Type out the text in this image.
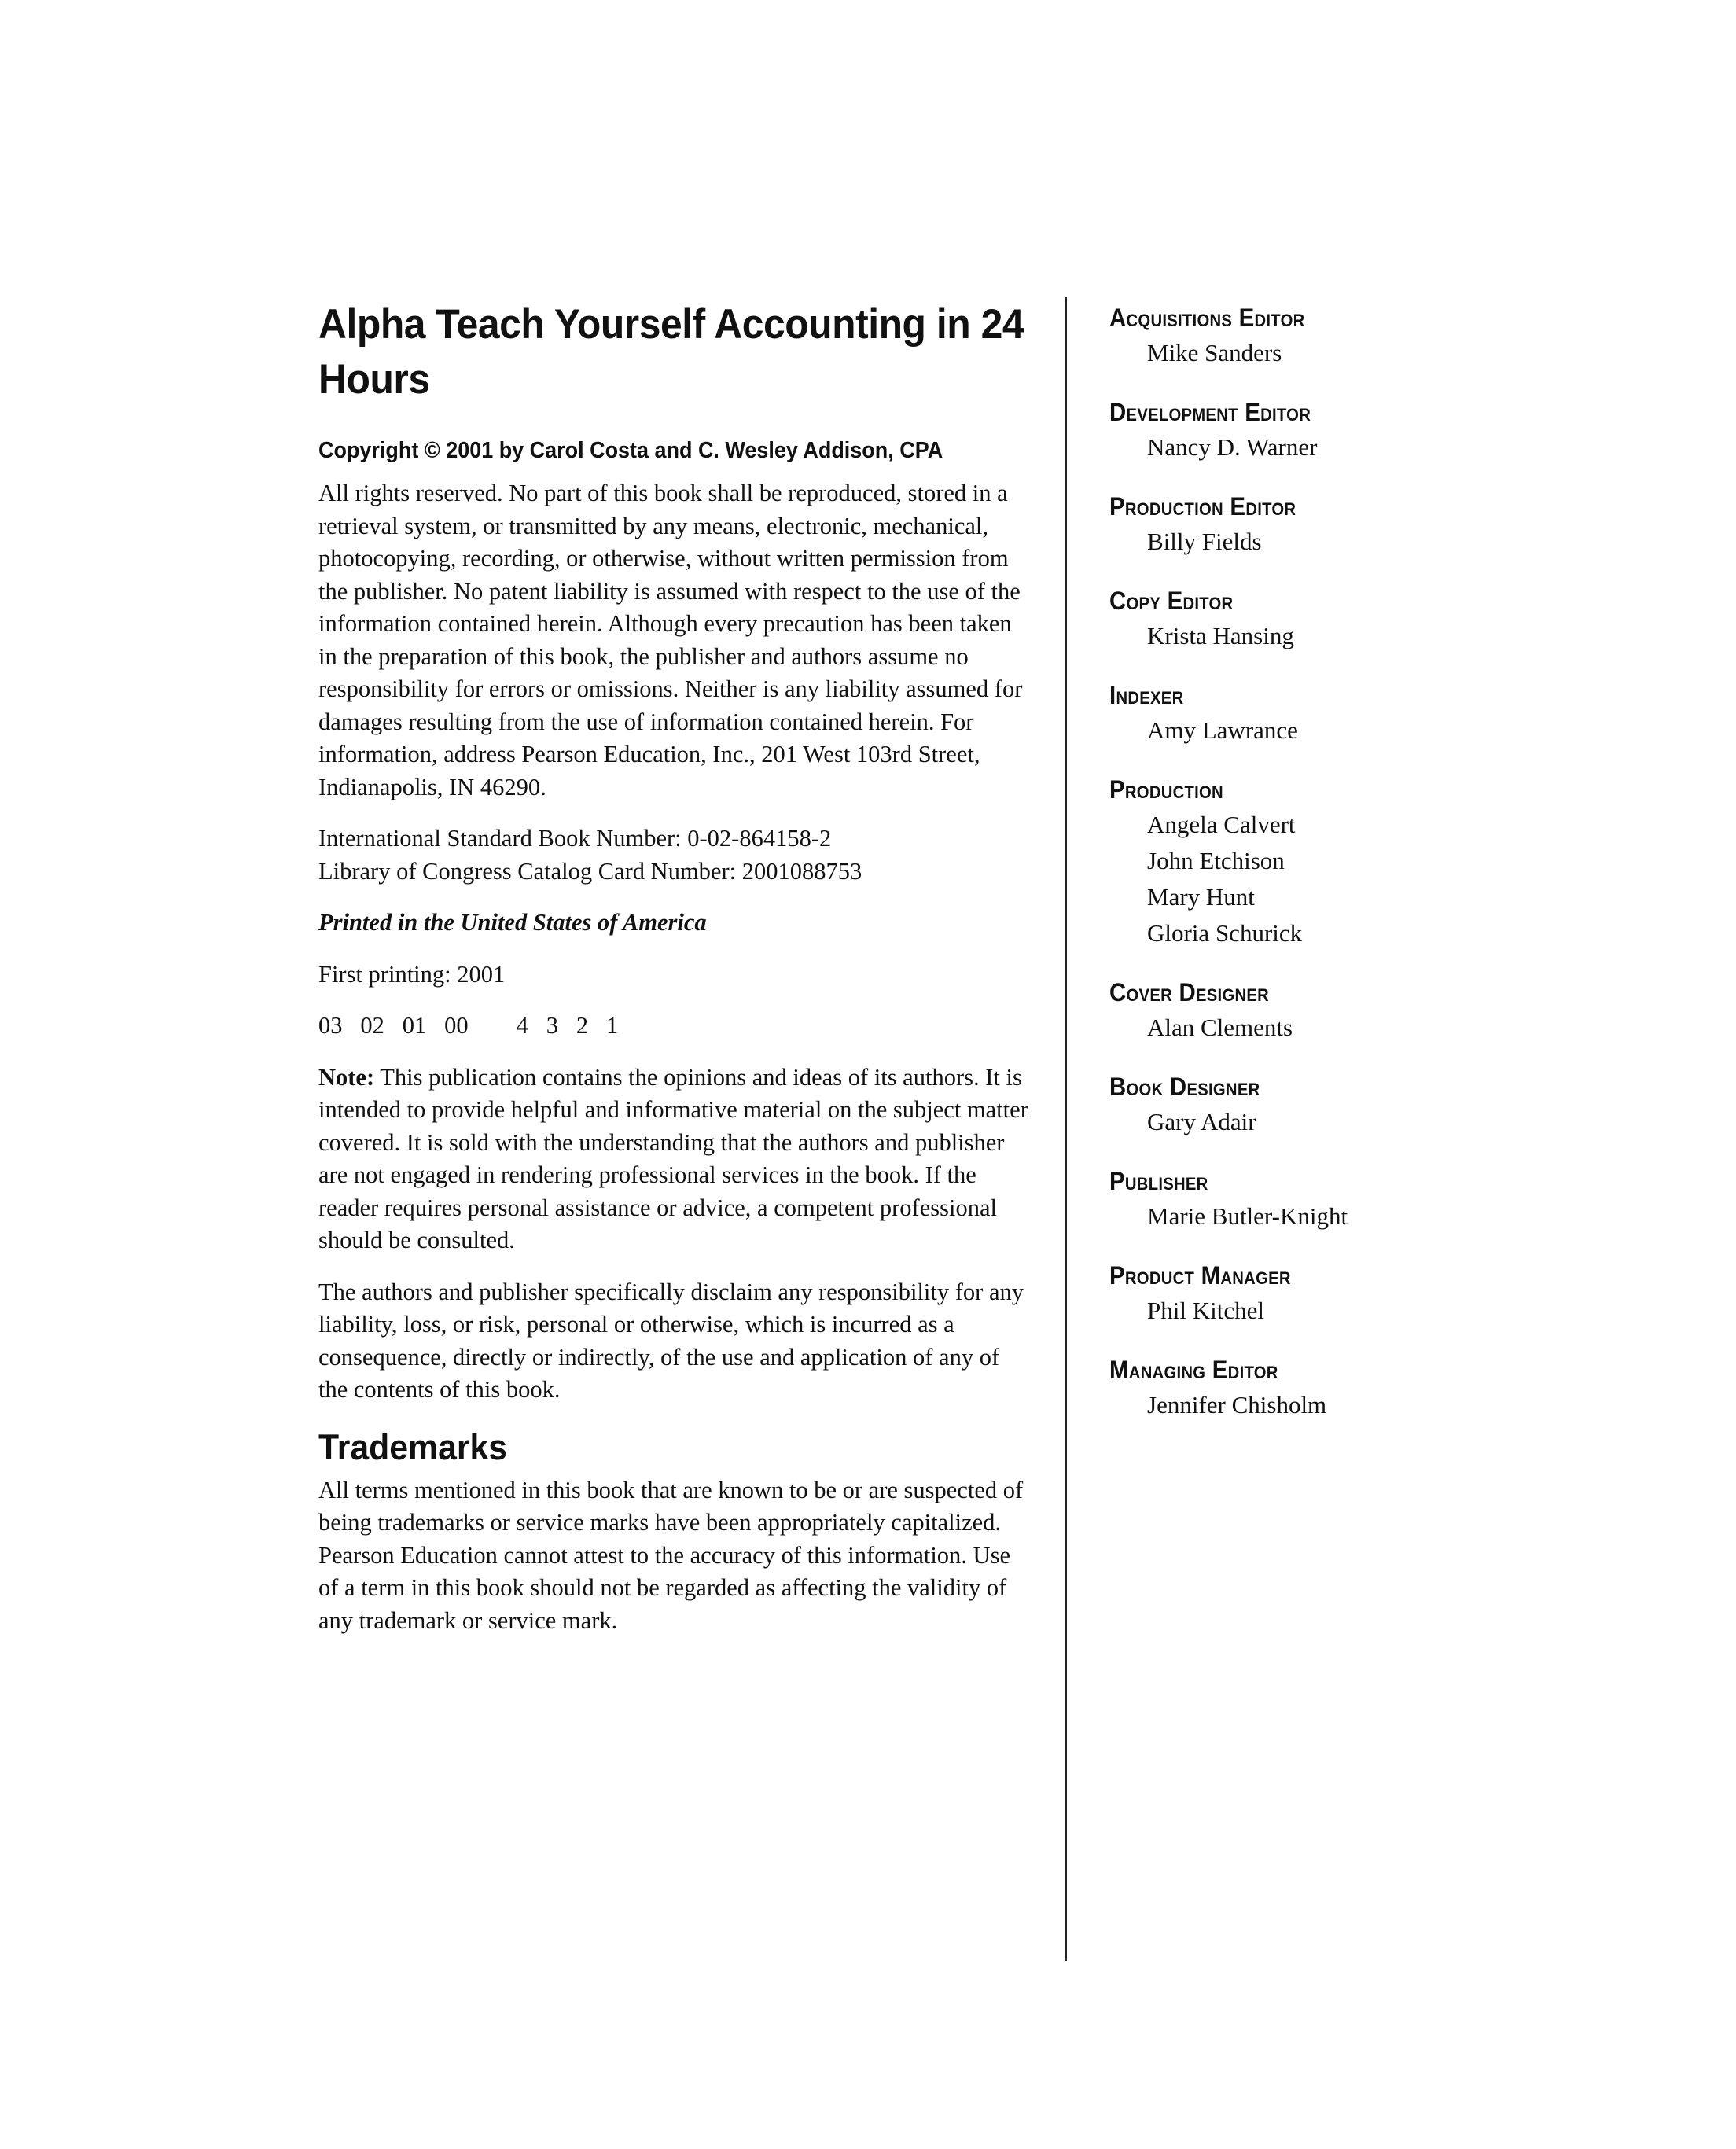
Alpha Teach Yourself Accounting in 24 Hours
Copyright © 2001 by Carol Costa and C. Wesley Addison, CPA

All rights reserved. No part of this book shall be reproduced, stored in a retrieval system, or transmitted by any means, electronic, mechanical, photocopying, recording, or otherwise, without written permission from the publisher. No patent liability is assumed with respect to the use of the information contained herein. Although every precaution has been taken in the preparation of this book, the publisher and authors assume no responsibility for errors or omissions. Neither is any liability assumed for damages resulting from the use of information contained herein. For information, address Pearson Education, Inc., 201 West 103rd Street, Indianapolis, IN 46290.

International Standard Book Number: 0-02-864158-2
Library of Congress Catalog Card Number: 2001088753

Printed in the United States of America

First printing: 2001

03   02   01   00        4   3   2   1

Note: This publication contains the opinions and ideas of its authors. It is intended to provide helpful and informative material on the subject matter covered. It is sold with the understanding that the authors and publisher are not engaged in rendering professional services in the book. If the reader requires personal assistance or advice, a competent professional should be consulted.

The authors and publisher specifically disclaim any responsibility for any liability, loss, or risk, personal or otherwise, which is incurred as a consequence, directly or indirectly, of the use and application of any of the contents of this book.

Trademarks

All terms mentioned in this book that are known to be or are suspected of being trademarks or service marks have been appropriately capitalized. Pearson Education cannot attest to the accuracy of this information. Use of a term in this book should not be regarded as affecting the validity of any trademark or service mark.

Acquisitions Editor
Mike Sanders
Development Editor
Nancy D. Warner
Production Editor
Billy Fields
Copy Editor
Krista Hansing
Indexer
Amy Lawrance
Production
Angela Calvert
John Etchison
Mary Hunt
Gloria Schurick
Cover Designer
Alan Clements
Book Designer
Gary Adair
Publisher
Marie Butler-Knight
Product Manager
Phil Kitchel
Managing Editor
Jennifer Chisholm
